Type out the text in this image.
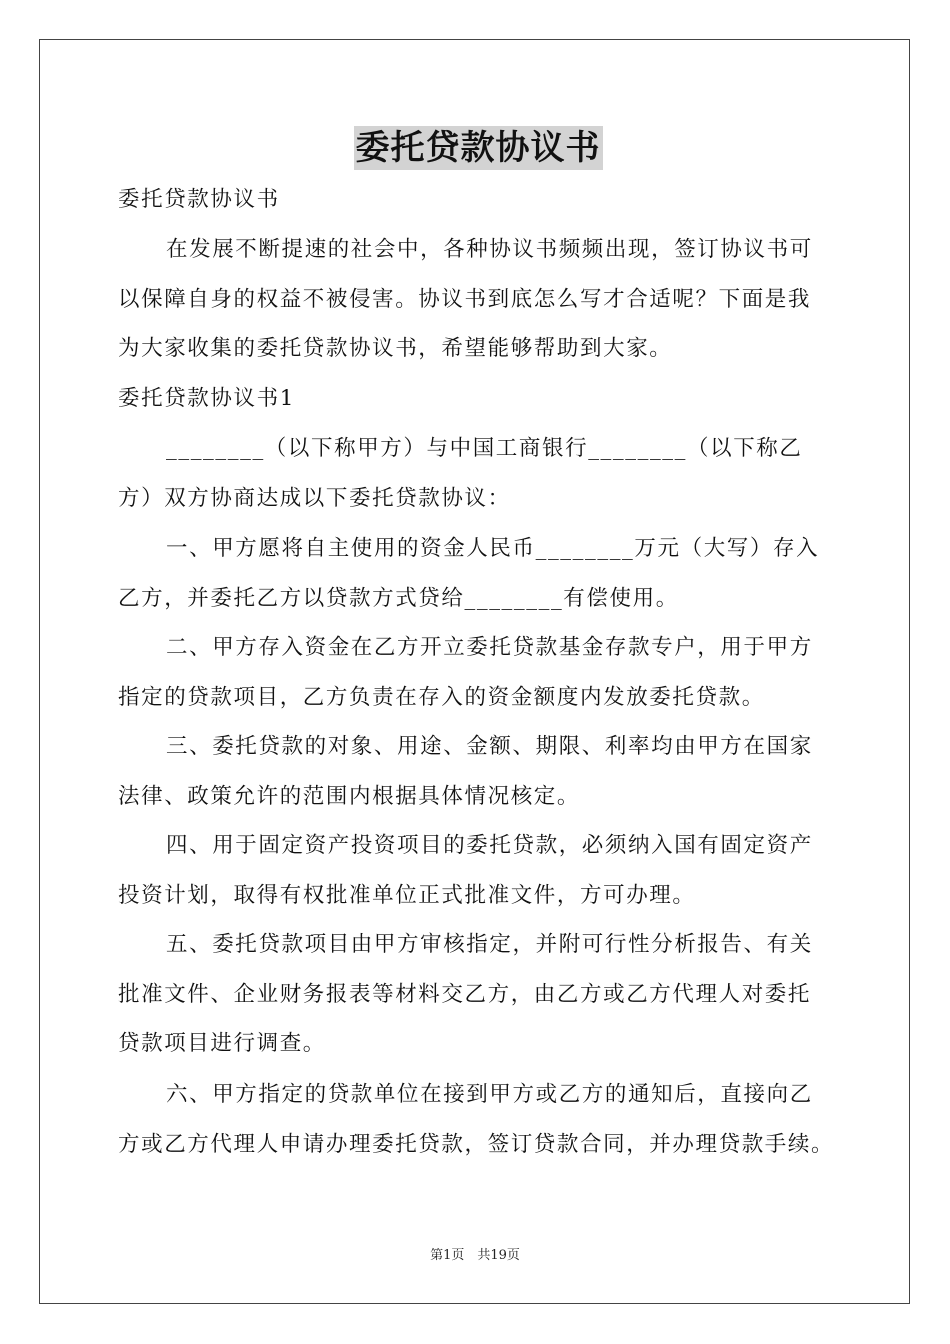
委托贷款协议书
委托贷款协议书
在发展不断提速的社会中，各种协议书频频出现，签订协议书可
以保障自身的权益不被侵害。协议书到底怎么写才合适呢？下面是我
为大家收集的委托贷款协议书，希望能够帮助到大家。
委托贷款协议书1
________（以下称甲方）与中国工商银行________（以下称乙
方）双方协商达成以下委托贷款协议：
一、甲方愿将自主使用的资金人民币________万元（大写）存入
乙方，并委托乙方以贷款方式贷给________有偿使用。
二、甲方存入资金在乙方开立委托贷款基金存款专户，用于甲方
指定的贷款项目，乙方负责在存入的资金额度内发放委托贷款。
三、委托贷款的对象、用途、金额、期限、利率均由甲方在国家
法律、政策允许的范围内根据具体情况核定。
四、用于固定资产投资项目的委托贷款，必须纳入国有固定资产
投资计划，取得有权批准单位正式批准文件，方可办理。
五、委托贷款项目由甲方审核指定，并附可行性分析报告、有关
批准文件、企业财务报表等材料交乙方，由乙方或乙方代理人对委托
贷款项目进行调查。
六、甲方指定的贷款单位在接到甲方或乙方的通知后，直接向乙
方或乙方代理人申请办理委托贷款，签订贷款合同，并办理贷款手续。
第1页　共19页
